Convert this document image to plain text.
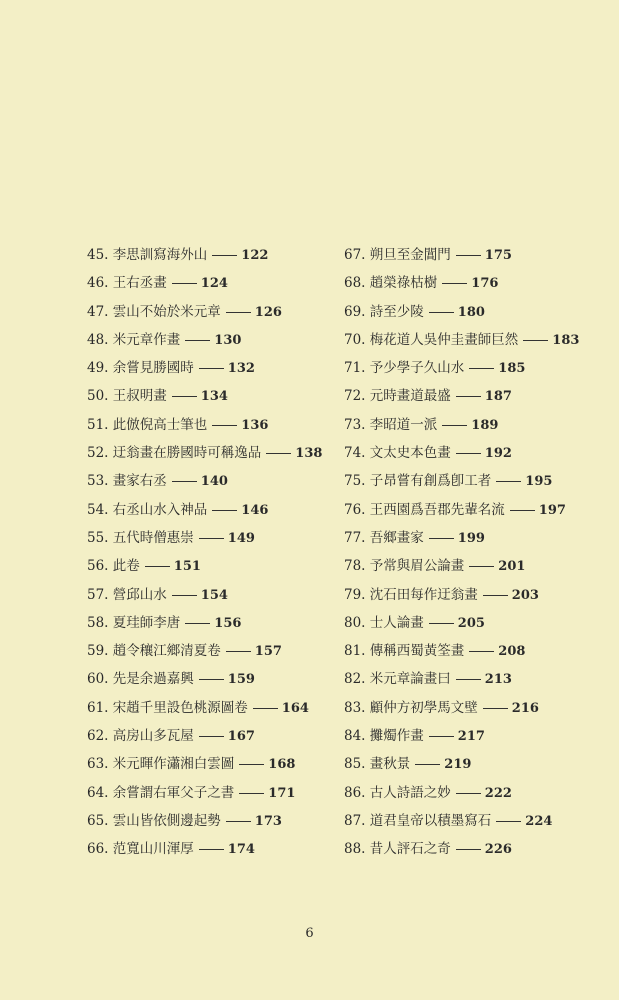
45. 李思訓寫海外山	122
46. 王右丞畫	124
47. 雲山不始於米元章	126
48. 米元章作畫	130
49. 余嘗見勝國時	132
50. 王叔明畫	134
51. 此倣倪高士筆也	136
52. 迂翁畫在勝國時可稱逸品	138
53. 畫家右丞	140
54. 右丞山水入神品	146
55. 五代時僧惠崇	149
56. 此卷	151
57. 營邱山水	154
58. 夏珪師李唐	156
59. 趙令穰江鄉清夏卷	157
60. 先是余過嘉興	159
61. 宋趙千里設色桃源圖卷	164
62. 高房山多瓦屋	167
63. 米元暉作瀟湘白雲圖	168
64. 余嘗謂右軍父子之書	171
65. 雲山皆依側邊起勢	173
66. 范寬山川渾厚	174
67. 朔旦至金閶門	175
68. 趙榮祿枯樹	176
69. 詩至少陵	180
70. 梅花道人吳仲圭畫師巨然	183
71. 予少學子久山水	185
72. 元時畫道最盛	187
73. 李昭道一派	189
74. 文太史本色畫	192
75. 子昂嘗有創爲卽工者	195
76. 王西園爲吾郡先輩名流	197
77. 吾鄉畫家	199
78. 予常與眉公論畫	201
79. 沈石田每作迂翁畫	203
80. 士人論畫	205
81. 傳稱西蜀黃筌畫	208
82. 米元章論畫曰	213
83. 顧仲方初學馬文壁	216
84. 攤燭作畫	217
85. 畫秋景	219
86. 古人詩語之妙	222
87. 道君皇帝以積墨寫石	224
88. 昔人評石之奇	226
6
